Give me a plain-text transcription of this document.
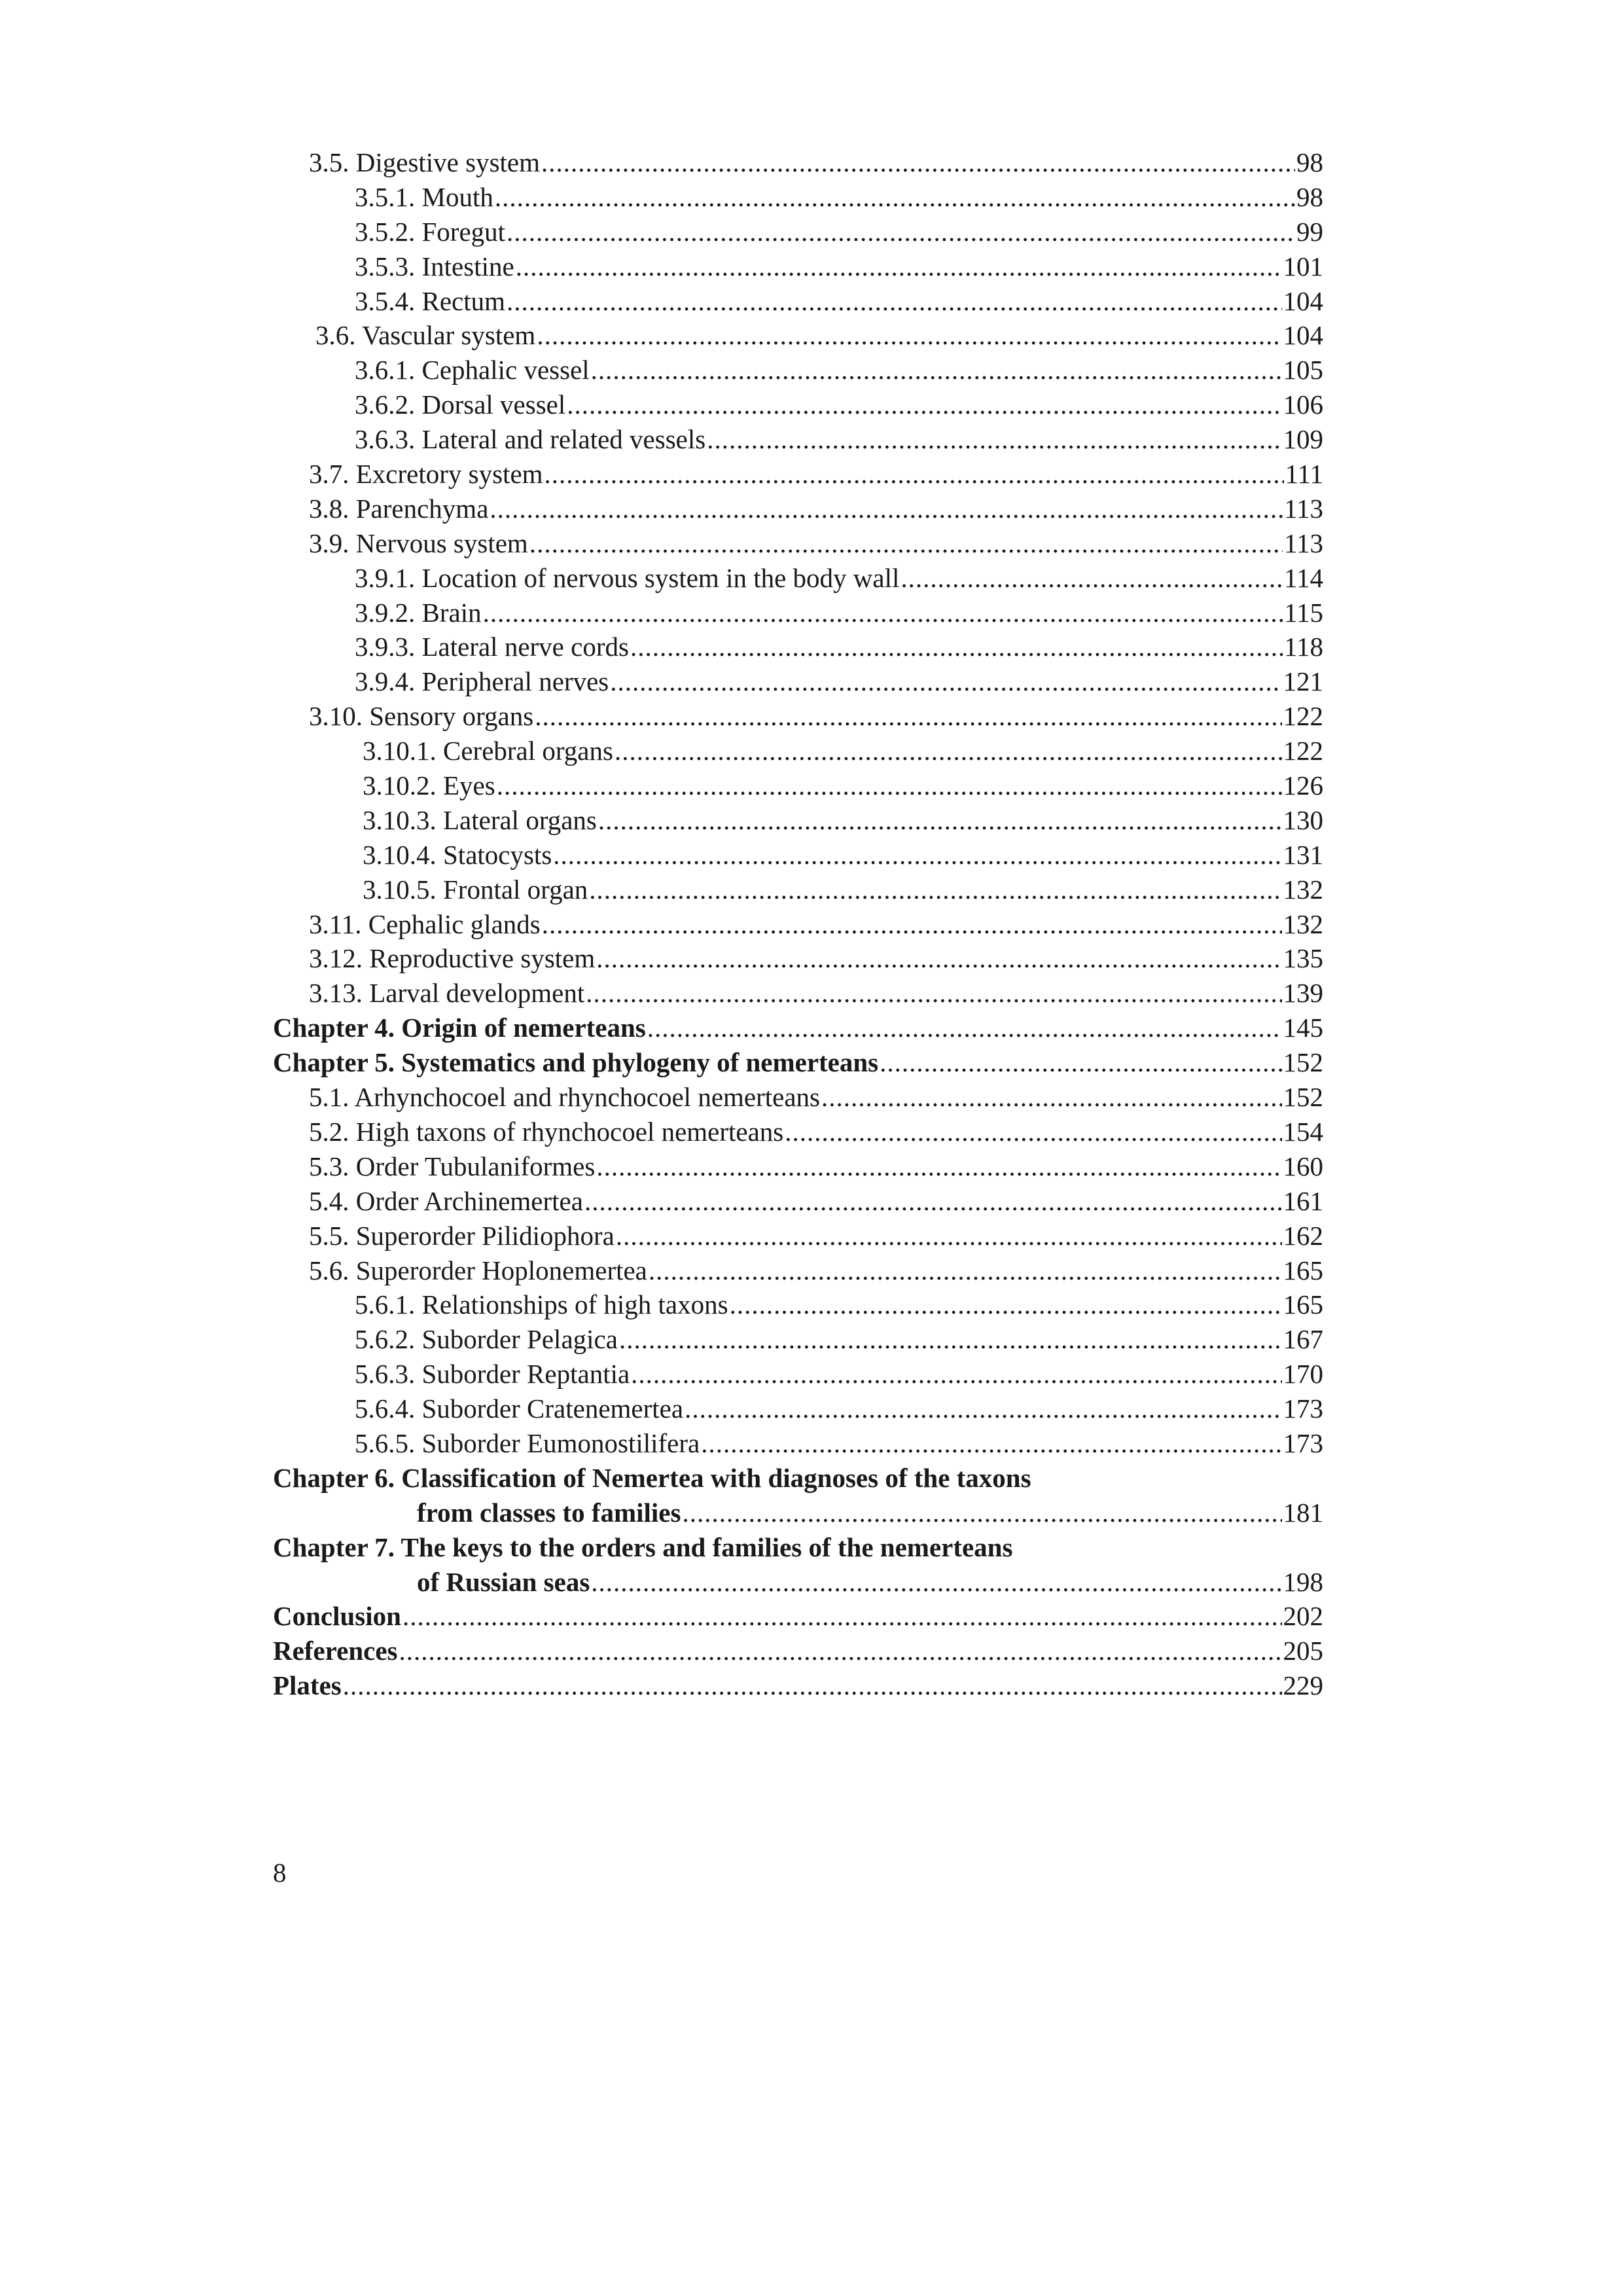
3.5. Digestive system .....	98
3.5.1. Mouth .....	98
3.5.2. Foregut .....	99
3.5.3. Intestine .....	101
3.5.4. Rectum .....	104
3.6. Vascular system .....	104
3.6.1. Cephalic vessel .....	105
3.6.2. Dorsal vessel .....	106
3.6.3. Lateral and related vessels .....	109
3.7. Excretory system .....	111
3.8. Parenchyma .....	113
3.9. Nervous system .....	113
3.9.1. Location of nervous system in the body wall .....	114
3.9.2. Brain .....	115
3.9.3. Lateral nerve cords .....	118
3.9.4. Peripheral nerves .....	121
3.10. Sensory organs .....	122
3.10.1. Cerebral organs .....	122
3.10.2. Eyes .....	126
3.10.3. Lateral organs .....	130
3.10.4. Statocysts .....	131
3.10.5. Frontal organ .....	132
3.11. Cephalic glands .....	132
3.12. Reproductive system .....	135
3.13. Larval development .....	139
Chapter 4. Origin of nemerteans .....	145
Chapter 5. Systematics and phylogeny of nemerteans .....	152
5.1. Arhynchocoel and rhynchocoel nemerteans .....	152
5.2. High taxons of rhynchocoel nemerteans .....	154
5.3. Order Tubulaniformes .....	160
5.4. Order Archinemertea .....	161
5.5. Superorder Pilidiophora .....	162
5.6. Superorder Hoplonemertea .....	165
5.6.1. Relationships of high taxons .....	165
5.6.2. Suborder Pelagica .....	167
5.6.3. Suborder Reptantia .....	170
5.6.4. Suborder Cratenemertea .....	173
5.6.5. Suborder Eumonostilifera .....	173
Chapter 6. Classification of Nemertea with diagnoses of the taxons
from classes to families .....	181
Chapter 7. The keys to the orders and families of the nemerteans
of Russian seas .....	198
Conclusion .....	202
References .....	205
Plates .....	229
8
